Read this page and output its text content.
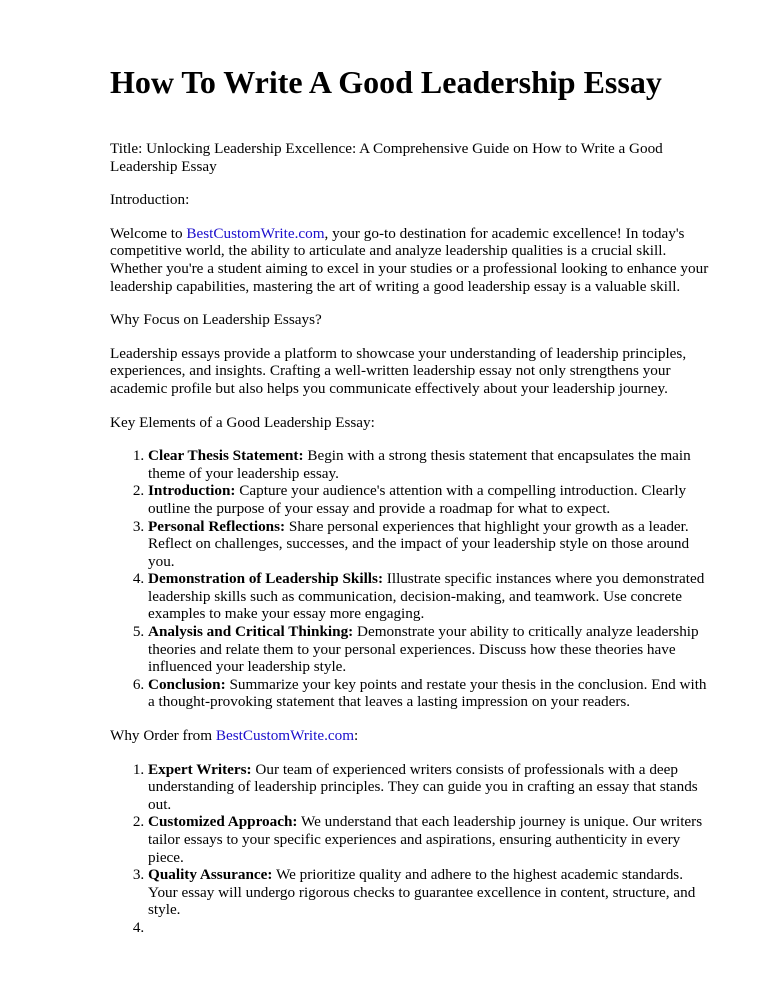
How To Write A Good Leadership Essay

Title: Unlocking Leadership Excellence: A Comprehensive Guide on How to Write a Good Leadership Essay

Introduction:

Welcome to BestCustomWrite.com, your go-to destination for academic excellence! In today's competitive world, the ability to articulate and analyze leadership qualities is a crucial skill. Whether you're a student aiming to excel in your studies or a professional looking to enhance your leadership capabilities, mastering the art of writing a good leadership essay is a valuable skill.

Why Focus on Leadership Essays?

Leadership essays provide a platform to showcase your understanding of leadership principles, experiences, and insights. Crafting a well-written leadership essay not only strengthens your academic profile but also helps you communicate effectively about your leadership journey.

Key Elements of a Good Leadership Essay:

1. Clear Thesis Statement: Begin with a strong thesis statement that encapsulates the main theme of your leadership essay.
2. Introduction: Capture your audience's attention with a compelling introduction. Clearly outline the purpose of your essay and provide a roadmap for what to expect.
3. Personal Reflections: Share personal experiences that highlight your growth as a leader. Reflect on challenges, successes, and the impact of your leadership style on those around you.
4. Demonstration of Leadership Skills: Illustrate specific instances where you demonstrated leadership skills such as communication, decision-making, and teamwork. Use concrete examples to make your essay more engaging.
5. Analysis and Critical Thinking: Demonstrate your ability to critically analyze leadership theories and relate them to your personal experiences. Discuss how these theories have influenced your leadership style.
6. Conclusion: Summarize your key points and restate your thesis in the conclusion. End with a thought-provoking statement that leaves a lasting impression on your readers.

Why Order from BestCustomWrite.com:

1. Expert Writers: Our team of experienced writers consists of professionals with a deep understanding of leadership principles. They can guide you in crafting an essay that stands out.
2. Customized Approach: We understand that each leadership journey is unique. Our writers tailor essays to your specific experiences and aspirations, ensuring authenticity in every piece.
3. Quality Assurance: We prioritize quality and adhere to the highest academic standards. Your essay will undergo rigorous checks to guarantee excellence in content, structure, and style.
4.
